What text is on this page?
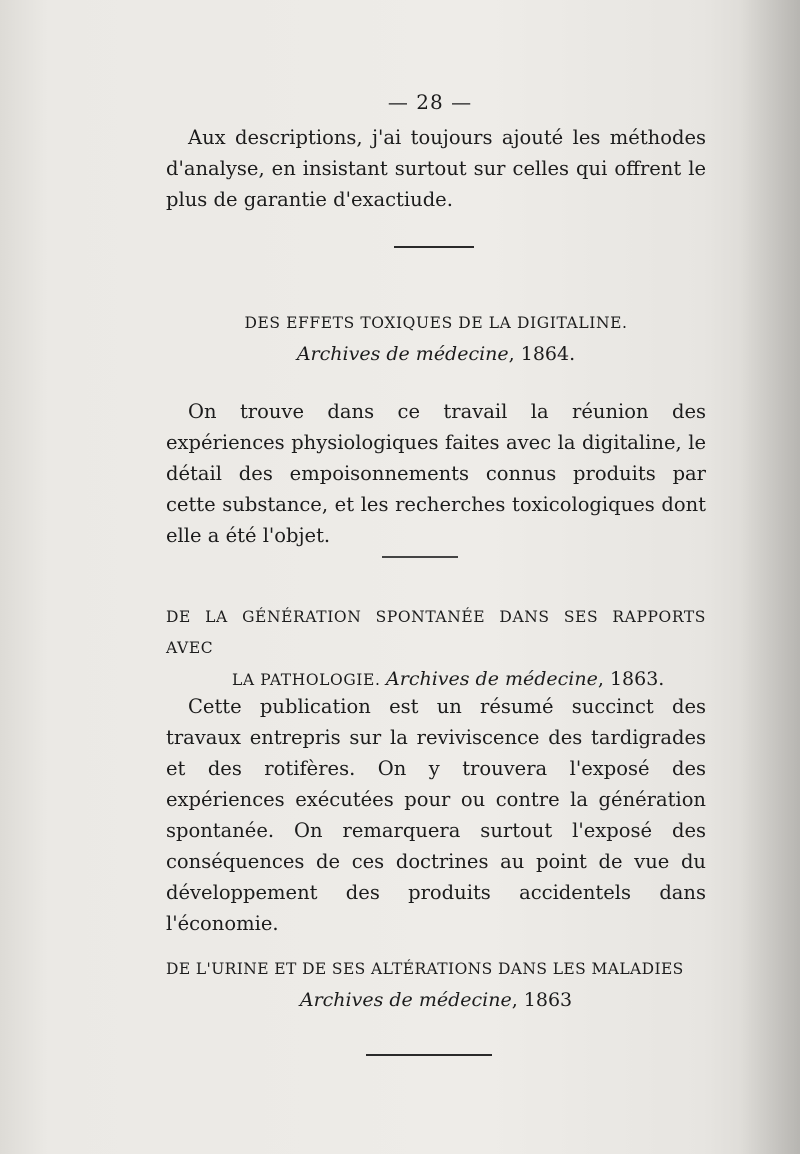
— 28 —

Aux descriptions, j'ai toujours ajouté les méthodes d'analyse, en insistant surtout sur celles qui offrent le plus de garantie d'exactiude.

DES EFFETS TOXIQUES DE LA DIGITALINE.
Archives de médecine, 1864.

On trouve dans ce travail la réunion des expériences physiologiques faites avec la digitaline, le détail des empoisonnements connus produits par cette substance, et les recherches toxicologiques dont elle a été l'objet.

DE LA GÉNÉRATION SPONTANÉE DANS SES RAPPORTS AVEC
LA PATHOLOGIE. Archives de médecine, 1863.

Cette publication est un résumé succinct des travaux entrepris sur la reviviscence des tardigrades et des rotifères. On y trouvera l'exposé des expériences exécutées pour ou contre la génération spontanée. On remarquera surtout l'exposé des conséquences de ces doctrines au point de vue du développement des produits accidentels dans l'économie.

DE L'URINE ET DE SES ALTÉRATIONS DANS LES MALADIES
Archives de médecine, 1863
